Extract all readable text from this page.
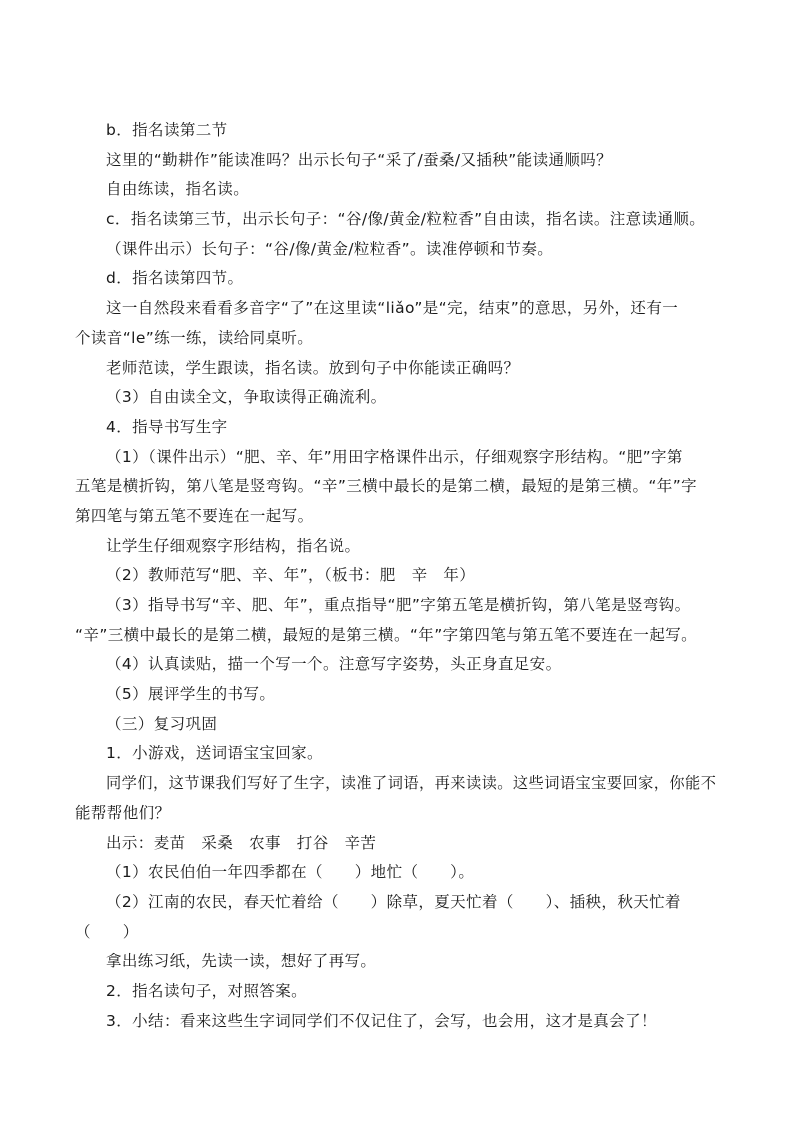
b．指名读第二节
这里的“勤耕作”能读准吗？出示长句子“采了/蚕桑/又插秧”能读通顺吗？
自由练读，指名读。
c．指名读第三节，出示长句子：“谷/像/黄金/粒粒香”自由读，指名读。注意读通顺。
（课件出示）长句子：“谷/像/黄金/粒粒香”。读准停顿和节奏。
d．指名读第四节。
这一自然段来看看多音字“了”在这里读“liǎo”是“完，结束”的意思，另外，还有一
个读音“le”练一练，读给同桌听。
老师范读，学生跟读，指名读。放到句子中你能读正确吗？
（3）自由读全文，争取读得正确流利。
4．指导书写生字
（1）（课件出示）“肥、辛、年”用田字格课件出示，仔细观察字形结构。“肥”字第
五笔是横折钩，第八笔是竖弯钩。“辛”三横中最长的是第二横，最短的是第三横。“年”字
第四笔与第五笔不要连在一起写。
让学生仔细观察字形结构，指名说。
（2）教师范写“肥、辛、年”，（板书：肥　辛　年）
（3）指导书写“辛、肥、年”，重点指导“肥”字第五笔是横折钩，第八笔是竖弯钩。
“辛”三横中最长的是第二横，最短的是第三横。“年”字第四笔与第五笔不要连在一起写。
（4）认真读贴，描一个写一个。注意写字姿势，头正身直足安。
（5）展评学生的书写。
（三）复习巩固
1．小游戏，送词语宝宝回家。
同学们，这节课我们写好了生字，读准了词语，再来读读。这些词语宝宝要回家，你能不
能帮帮他们？
出示：麦苗　采桑　农事　打谷　辛苦
（1）农民伯伯一年四季都在（　　）地忙（　　）。
（2）江南的农民，春天忙着给（　　）除草，夏天忙着（　　）、插秧，秋天忙着
（　　）
拿出练习纸，先读一读，想好了再写。
2．指名读句子，对照答案。
3．小结：看来这些生字词同学们不仅记住了，会写，也会用，这才是真会了！
